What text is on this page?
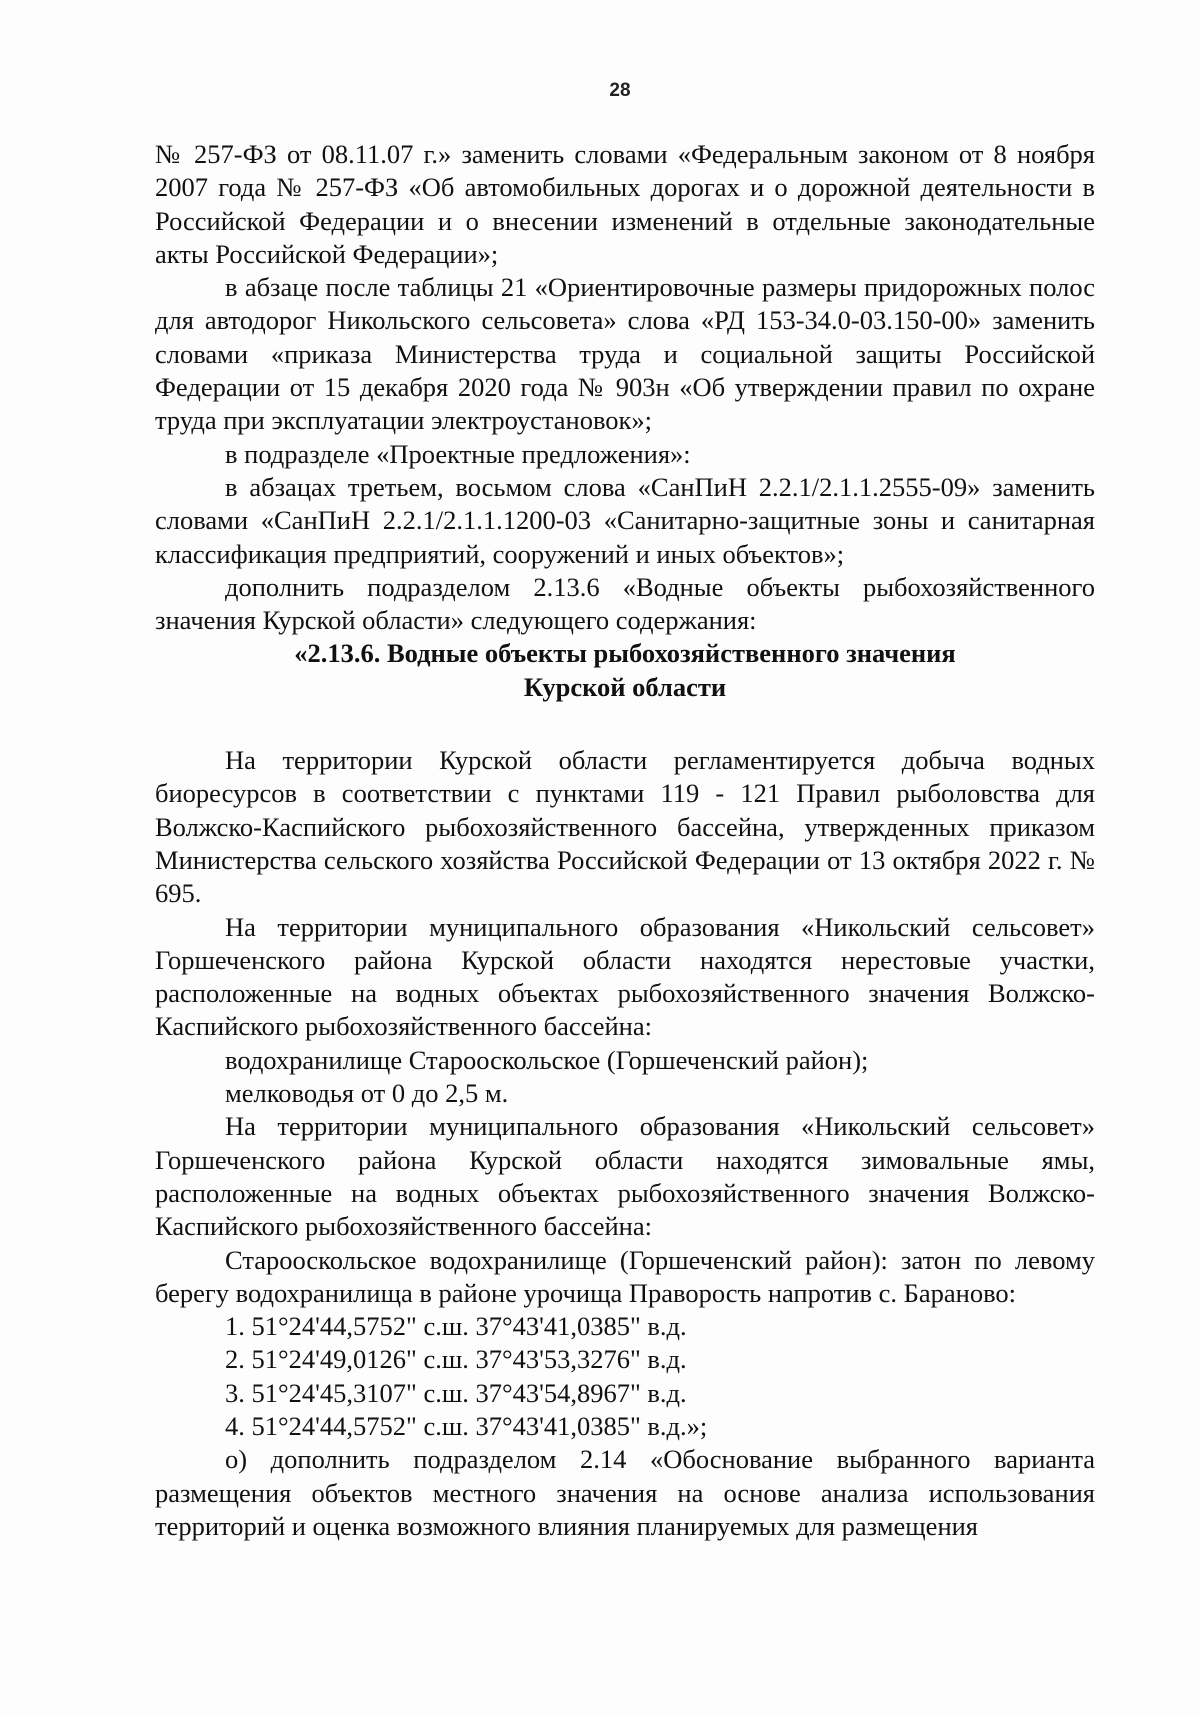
28

№ 257-ФЗ от 08.11.07 г.» заменить словами «Федеральным законом от 8 ноября 2007 года № 257-ФЗ «Об автомобильных дорогах и о дорожной деятельности в Российской Федерации и о внесении изменений в отдельные законодательные акты Российской Федерации»;

в абзаце после таблицы 21 «Ориентировочные размеры придорожных полос для автодорог Никольского сельсовета» слова «РД 153-34.0-03.150-00» заменить словами «приказа Министерства труда и социальной защиты Российской Федерации от 15 декабря 2020 года № 903н «Об утверждении правил по охране труда при эксплуатации электроустановок»;

в подразделе «Проектные предложения»:

в абзацах третьем, восьмом слова «СанПиН 2.2.1/2.1.1.2555-09» заменить словами «СанПиН 2.2.1/2.1.1.1200-03 «Санитарно-защитные зоны и санитарная классификация предприятий, сооружений и иных объектов»;

дополнить подразделом 2.13.6 «Водные объекты рыбохозяйственного значения Курской области» следующего содержания:

«2.13.6. Водные объекты рыбохозяйственного значения

Курской области

На территории Курской области регламентируется добыча водных биоресурсов в соответствии с пунктами 119 - 121 Правил рыболовства для Волжско-Каспийского рыбохозяйственного бассейна, утвержденных приказом Министерства сельского хозяйства Российской Федерации от 13 октября 2022 г. № 695.

На территории муниципального образования «Никольский сельсовет» Горшеченского района Курской области находятся нерестовые участки, расположенные на водных объектах рыбохозяйственного значения Волжско-Каспийского рыбохозяйственного бассейна:

водохранилище Старооскольское (Горшеченский район);

мелководья от 0 до 2,5 м.

На территории муниципального образования «Никольский сельсовет» Горшеченского района Курской области находятся зимовальные ямы, расположенные на водных объектах рыбохозяйственного значения Волжско-Каспийского рыбохозяйственного бассейна:

Старооскольское водохранилище (Горшеченский район): затон по левому берегу водохранилища в районе урочища Праворость напротив с. Бараново:

1. 51°24'44,5752" с.ш. 37°43'41,0385" в.д.

2. 51°24'49,0126" с.ш. 37°43'53,3276" в.д.

3. 51°24'45,3107" с.ш. 37°43'54,8967" в.д.

4. 51°24'44,5752" с.ш. 37°43'41,0385" в.д.»;

о) дополнить подразделом 2.14 «Обоснование выбранного варианта размещения объектов местного значения на основе анализа использования территорий и оценка возможного влияния планируемых для размещения
